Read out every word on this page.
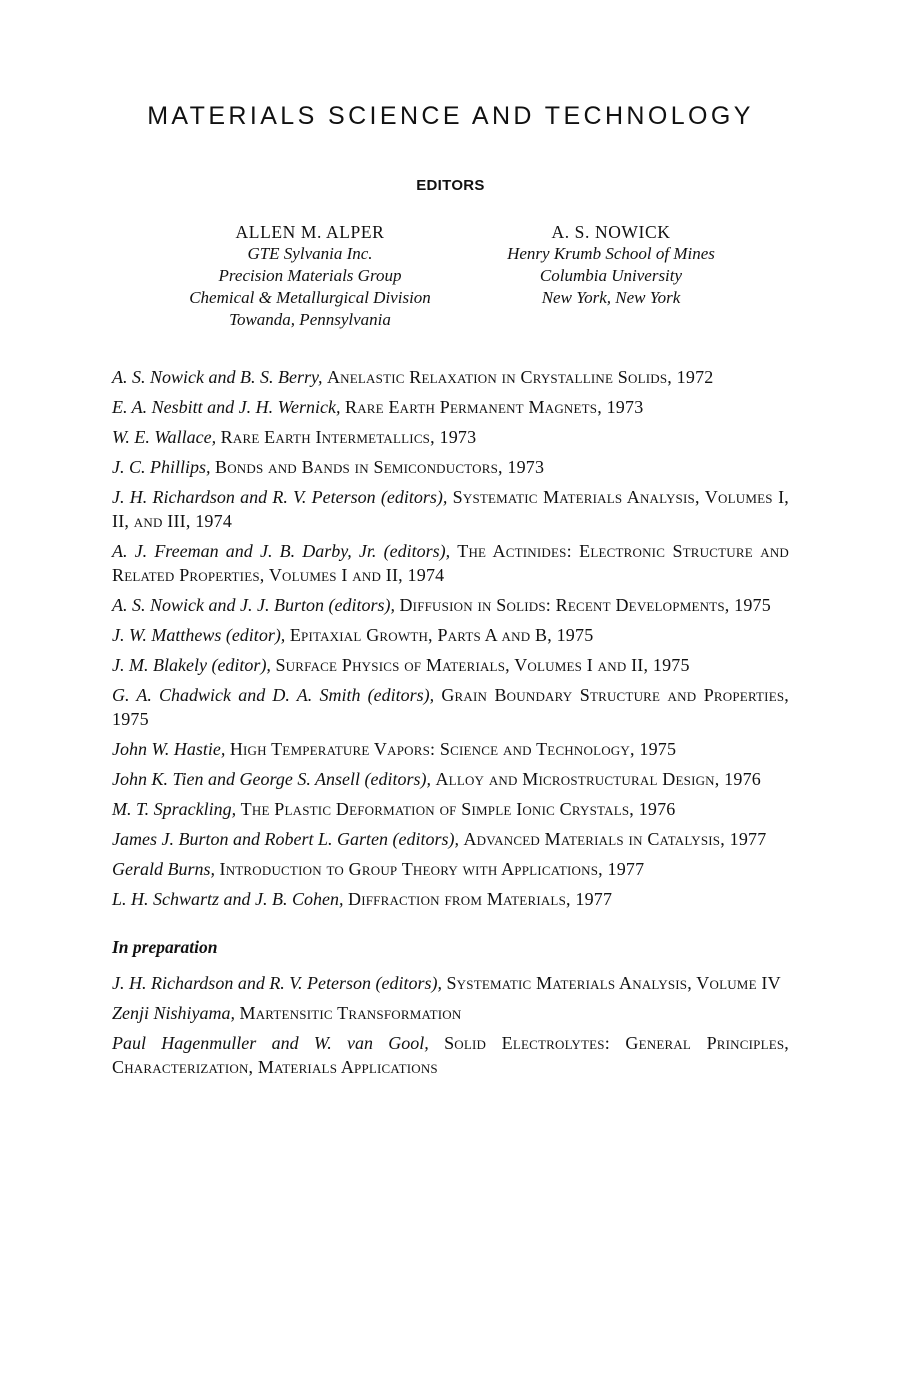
MATERIALS SCIENCE AND TECHNOLOGY
EDITORS
ALLEN M. ALPER
GTE Sylvania Inc.
Precision Materials Group
Chemical & Metallurgical Division
Towanda, Pennsylvania
A. S. NOWICK
Henry Krumb School of Mines
Columbia University
New York, New York

A. S. Nowick and B. S. Berry, Anelastic Relaxation in Crystalline Solids, 1972

E. A. Nesbitt and J. H. Wernick, Rare Earth Permanent Magnets, 1973

W. E. Wallace, Rare Earth Intermetallics, 1973

J. C. Phillips, Bonds and Bands in Semiconductors, 1973

J. H. Richardson and R. V. Peterson (editors), Systematic Materials Analysis, Volumes I, II, and III, 1974

A. J. Freeman and J. B. Darby, Jr. (editors), The Actinides: Electronic Structure and Related Properties, Volumes I and II, 1974

A. S. Nowick and J. J. Burton (editors), Diffusion in Solids: Recent Developments, 1975

J. W. Matthews (editor), Epitaxial Growth, Parts A and B, 1975

J. M. Blakely (editor), Surface Physics of Materials, Volumes I and II, 1975

G. A. Chadwick and D. A. Smith (editors), Grain Boundary Structure and Properties, 1975

John W. Hastie, High Temperature Vapors: Science and Technology, 1975

John K. Tien and George S. Ansell (editors), Alloy and Microstructural Design, 1976

M. T. Sprackling, The Plastic Deformation of Simple Ionic Crystals, 1976

James J. Burton and Robert L. Garten (editors), Advanced Materials in Catalysis, 1977

Gerald Burns, Introduction to Group Theory with Applications, 1977

L. H. Schwartz and J. B. Cohen, Diffraction from Materials, 1977

In preparation

J. H. Richardson and R. V. Peterson (editors), Systematic Materials Analysis, Volume IV

Zenji Nishiyama, Martensitic Transformation

Paul Hagenmuller and W. van Gool, Solid Electrolytes: General Principles, Characterization, Materials Applications
